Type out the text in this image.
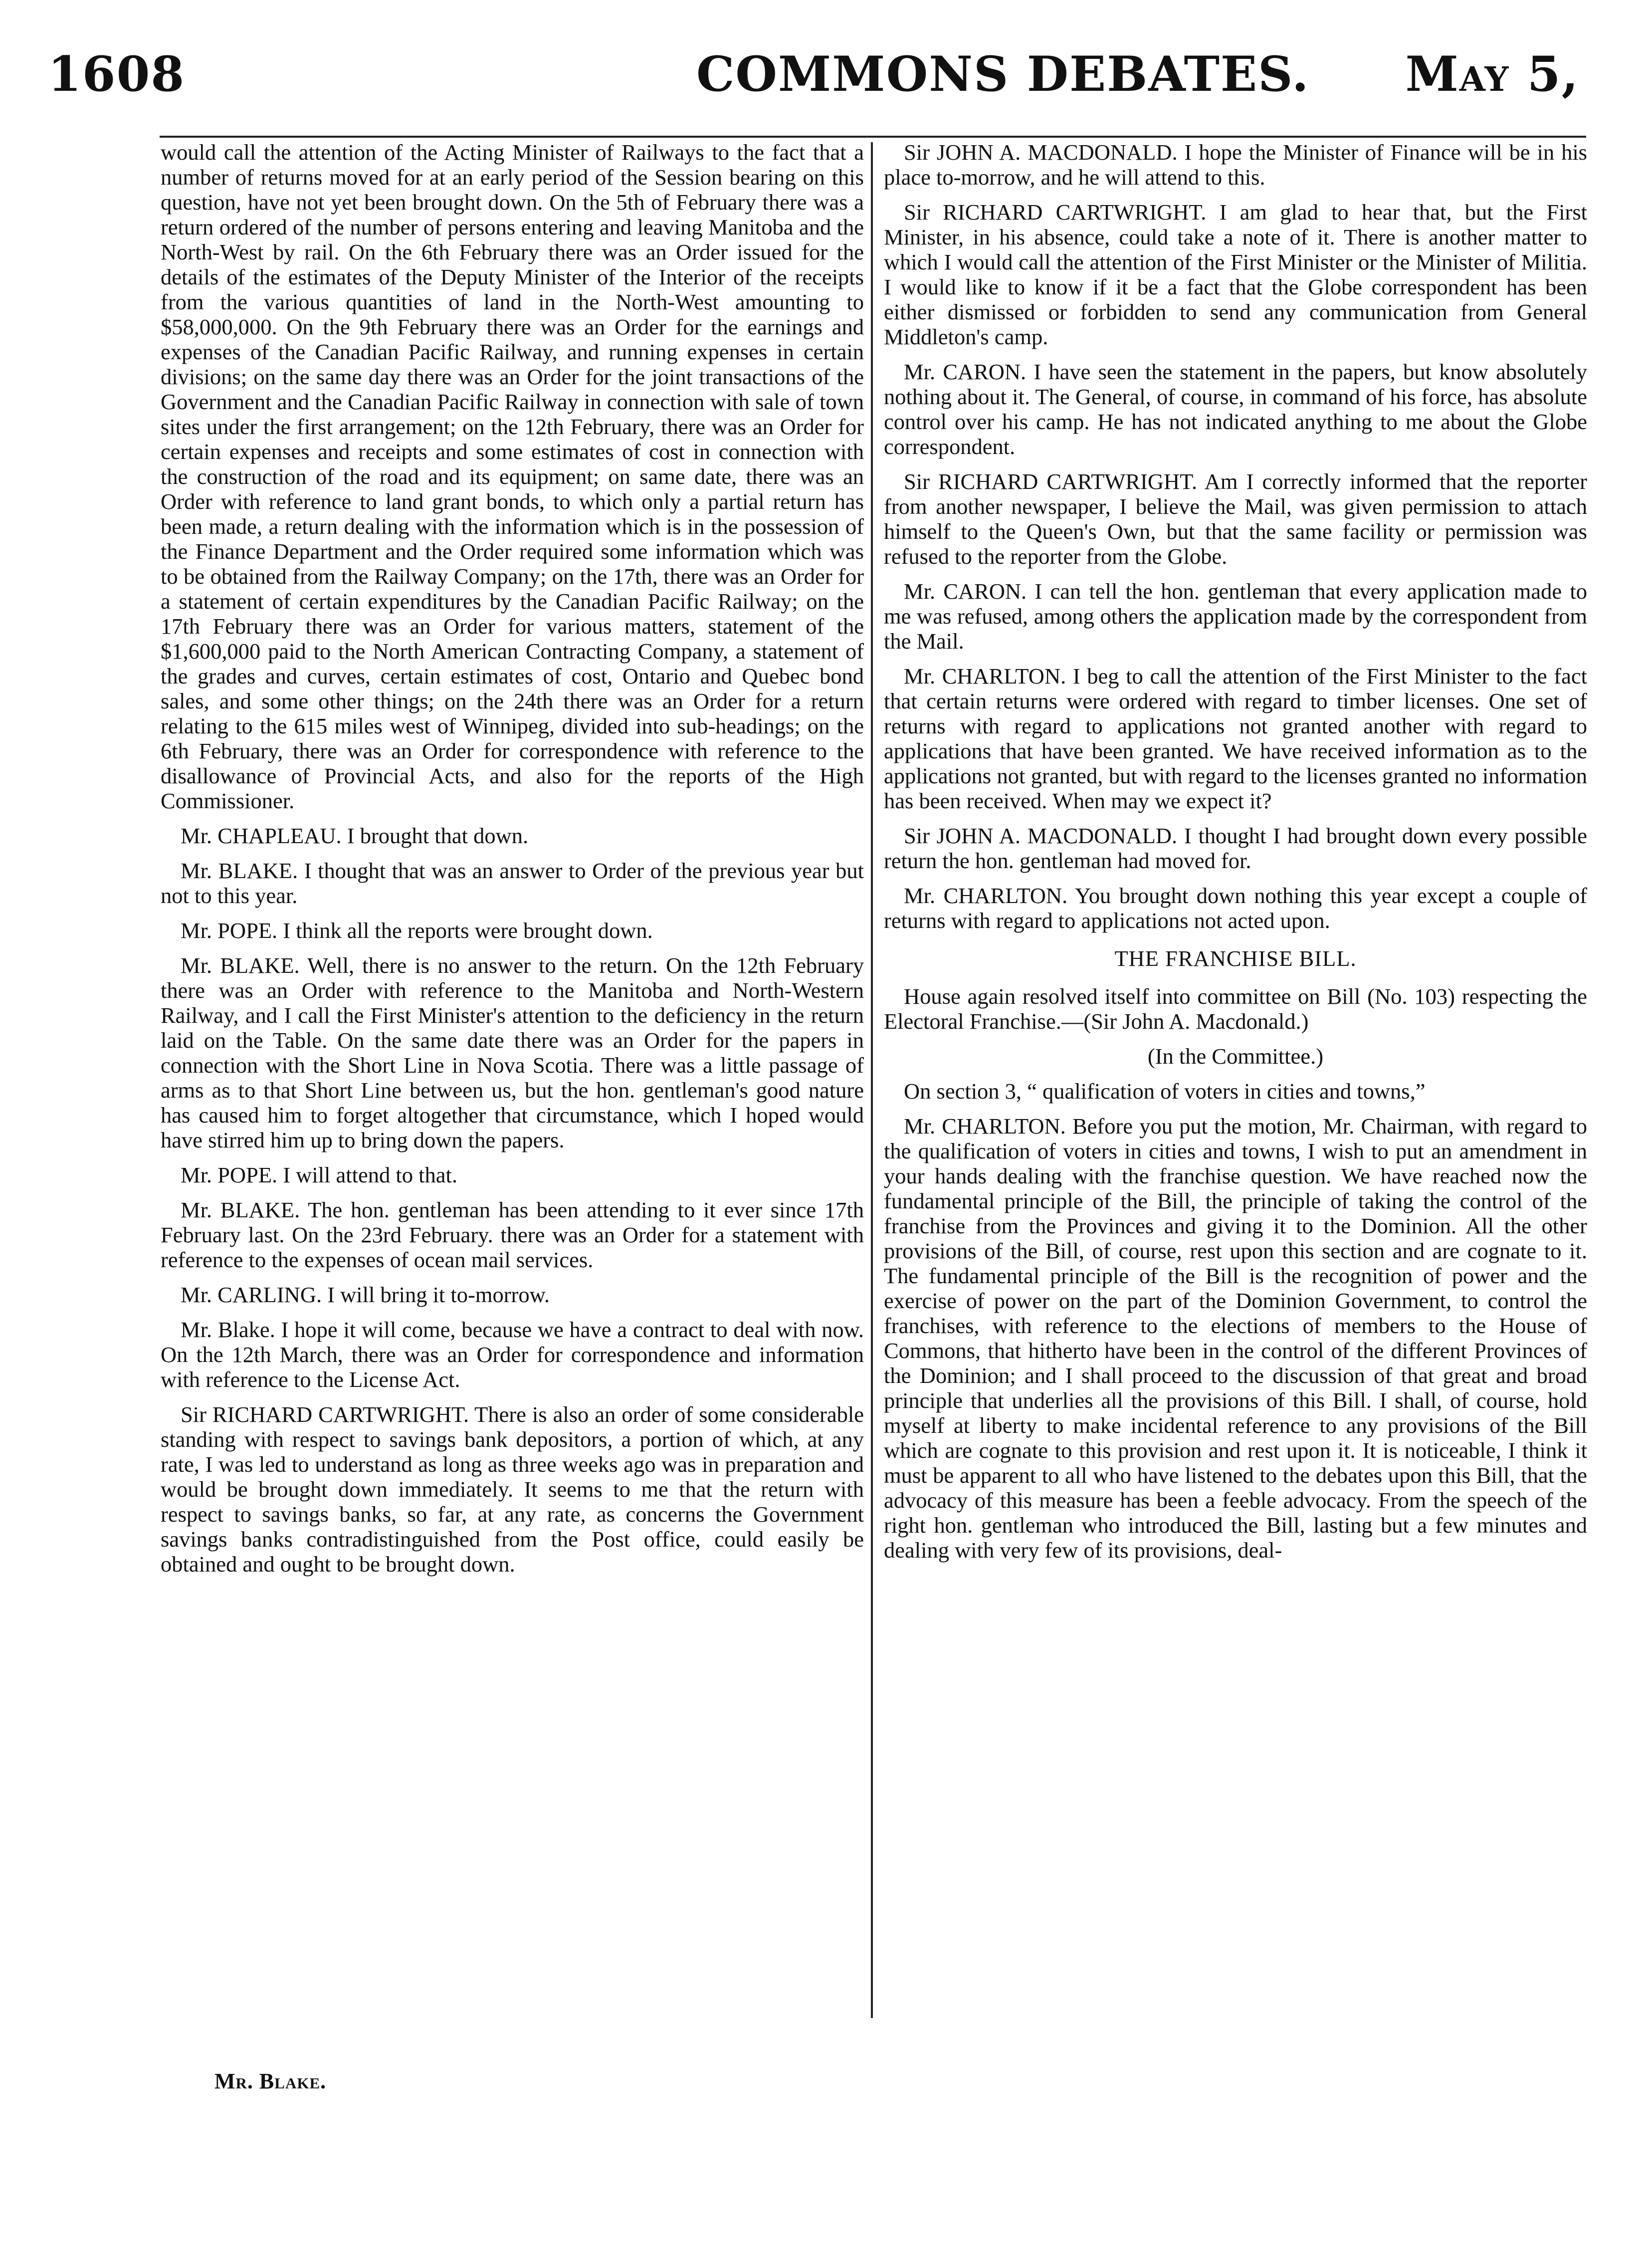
1608	COMMONS DEBATES. May 5,

would call the attention of the Acting Minister of Railways to the fact that a number of returns moved for at an early period of the Session bearing on this question, have not yet been brought down. On the 5th of February there was a return ordered of the number of persons entering and leaving Manitoba and the North-West by rail. On the 6th February there was an Order issued for the details of the estimates of the Deputy Minister of the Interior of the receipts from the various quantities of land in the North-West amounting to $58,000,000. On the 9th February there was an Order for the earnings and expenses of the Canadian Pacific Railway, and running expenses in certain divisions; on the same day there was an Order for the joint transactions of the Government and the Canadian Pacific Railway in connection with sale of town sites under the first arrangement; on the 12th February, there was an Order for certain expenses and receipts and some estimates of cost in connection with the construction of the road and its equipment; on same date, there was an Order with reference to land grant bonds, to which only a partial return has been made, a return dealing with the information which is in the possession of the Finance Department and the Order required some information which was to be obtained from the Railway Company; on the 17th, there was an Order for a statement of certain expenditures by the Canadian Pacific Railway; on the 17th February there was an Order for various matters, statement of the $1,600,000 paid to the North American Contracting Company, a statement of the grades and curves, certain estimates of cost, Ontario and Quebec bond sales, and some other things; on the 24th there was an Order for a return relating to the 615 miles west of Winnipeg, divided into sub-headings; on the 6th February, there was an Order for correspondence with reference to the disallowance of Provincial Acts, and also for the reports of the High Commissioner.

Mr. CHAPLEAU. I brought that down.

Mr. BLAKE. I thought that was an answer to Order of the previous year but not to this year.

Mr. POPE. I think all the reports were brought down.

Mr. BLAKE. Well, there is no answer to the return. On the 12th February there was an Order with reference to the Manitoba and North-Western Railway, and I call the First Minister's attention to the deficiency in the return laid on the Table. On the same date there was an Order for the papers in connection with the Short Line in Nova Scotia. There was a little passage of arms as to that Short Line between us, but the hon. gentleman's good nature has caused him to forget altogether that circumstance, which I hoped would have stirred him up to bring down the papers.

Mr. POPE. I will attend to that.

Mr. BLAKE. The hon. gentleman has been attending to it ever since 17th February last. On the 23rd February. there was an Order for a statement with reference to the expenses of ocean mail services.

Mr. CARLING. I will bring it to-morrow.

Mr. Blake. I hope it will come, because we have a contract to deal with now. On the 12th March, there was an Order for correspondence and information with reference to the License Act.

Sir RICHARD CARTWRIGHT. There is also an order of some considerable standing with respect to savings bank depositors, a portion of which, at any rate, I was led to understand as long as three weeks ago was in preparation and would be brought down immediately. It seems to me that the return with respect to savings banks, so far, at any rate, as concerns the Government savings banks contradistinguished from the Post office, could easily be obtained and ought to be brought down.

Sir JOHN A. MACDONALD. I hope the Minister of Finance will be in his place to-morrow, and he will attend to this.

Sir RICHARD CARTWRIGHT. I am glad to hear that, but the First Minister, in his absence, could take a note of it. There is another matter to which I would call the attention of the First Minister or the Minister of Militia. I would like to know if it be a fact that the Globe correspondent has been either dismissed or forbidden to send any communication from General Middleton's camp.

Mr. CARON. I have seen the statement in the papers, but know absolutely nothing about it. The General, of course, in command of his force, has absolute control over his camp. He has not indicated anything to me about the Globe correspondent.

Sir RICHARD CARTWRIGHT. Am I correctly informed that the reporter from another newspaper, I believe the Mail, was given permission to attach himself to the Queen's Own, but that the same facility or permission was refused to the reporter from the Globe.

Mr. CARON. I can tell the hon. gentleman that every application made to me was refused, among others the application made by the correspondent from the Mail.

Mr. CHARLTON. I beg to call the attention of the First Minister to the fact that certain returns were ordered with regard to timber licenses. One set of returns with regard to applications not granted another with regard to applications that have been granted. We have received information as to the applications not granted, but with regard to the licenses granted no information has been received. When may we expect it?

Sir JOHN A. MACDONALD. I thought I had brought down every possible return the hon. gentleman had moved for.

Mr. CHARLTON. You brought down nothing this year except a couple of returns with regard to applications not acted upon.

THE FRANCHISE BILL.

House again resolved itself into committee on Bill (No. 103) respecting the Electoral Franchise.—(Sir John A. Macdonald.)

(In the Committee.)

On section 3, “ qualification of voters in cities and towns,”

Mr. CHARLTON. Before you put the motion, Mr. Chairman, with regard to the qualification of voters in cities and towns, I wish to put an amendment in your hands dealing with the franchise question. We have reached now the fundamental principle of the Bill, the principle of taking the control of the franchise from the Provinces and giving it to the Dominion. All the other provisions of the Bill, of course, rest upon this section and are cognate to it. The fundamental principle of the Bill is the recognition of power and the exercise of power on the part of the Dominion Government, to control the franchises, with reference to the elections of members to the House of Commons, that hitherto have been in the control of the different Provinces of the Dominion; and I shall proceed to the discussion of that great and broad principle that underlies all the provisions of this Bill. I shall, of course, hold myself at liberty to make incidental reference to any provisions of the Bill which are cognate to this provision and rest upon it. It is noticeable, I think it must be apparent to all who have listened to the debates upon this Bill, that the advocacy of this measure has been a feeble advocacy. From the speech of the right hon. gentleman who introduced the Bill, lasting but a few minutes and dealing with very few of its provisions, deal-

Mr. Blake.
